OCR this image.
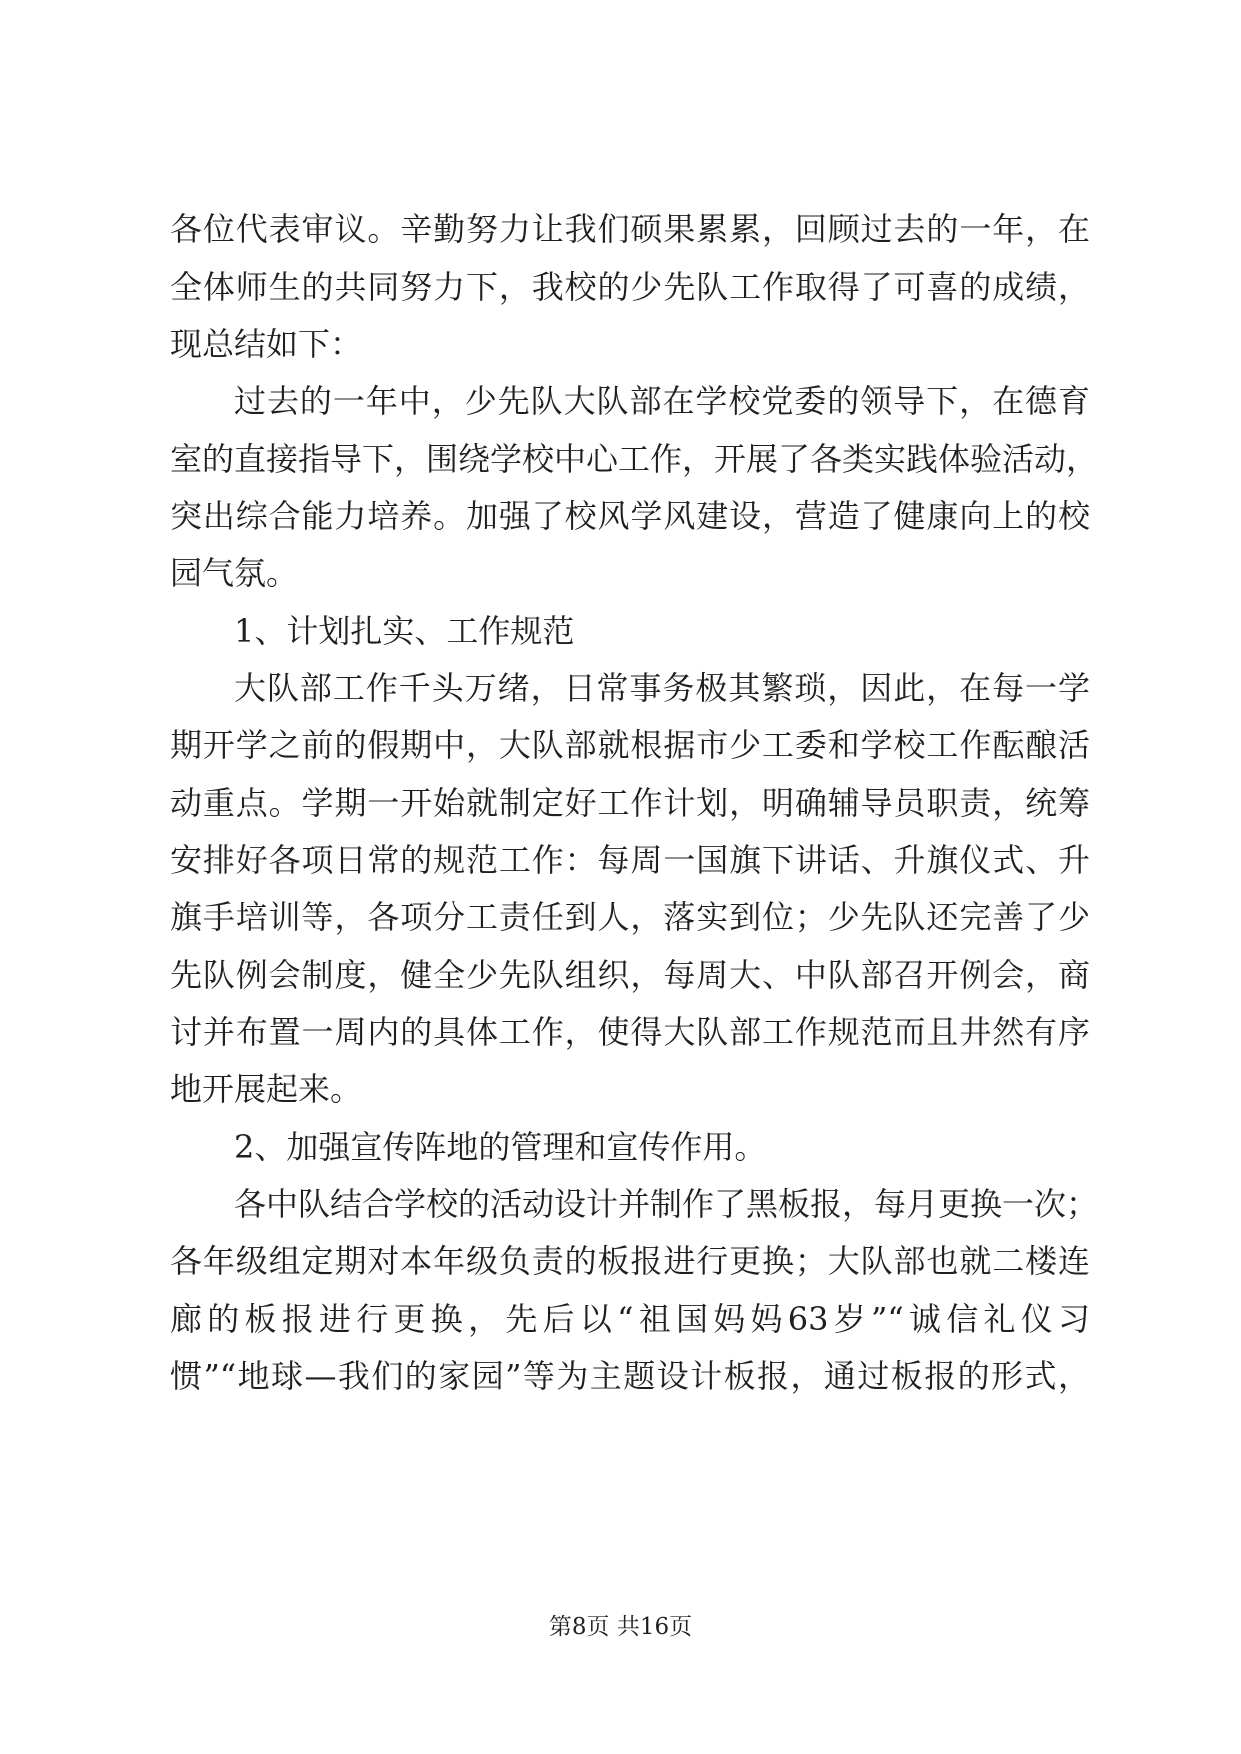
各位代表审议。辛勤努力让我们硕果累累，回顾过去的一年，在
全体师生的共同努力下，我校的少先队工作取得了可喜的成绩，
现总结如下：
过去的一年中，少先队大队部在学校党委的领导下，在德育
室的直接指导下，围绕学校中心工作，开展了各类实践体验活动，
突出综合能力培养。加强了校风学风建设，营造了健康向上的校
园气氛。
1、计划扎实、工作规范
大队部工作千头万绪，日常事务极其繁琐，因此，在每一学
期开学之前的假期中，大队部就根据市少工委和学校工作酝酿活
动重点。学期一开始就制定好工作计划，明确辅导员职责，统筹
安排好各项日常的规范工作：每周一国旗下讲话、升旗仪式、升
旗手培训等，各项分工责任到人，落实到位；少先队还完善了少
先队例会制度，健全少先队组织，每周大、中队部召开例会，商
讨并布置一周内的具体工作，使得大队部工作规范而且井然有序
地开展起来。
2、加强宣传阵地的管理和宣传作用。
各中队结合学校的活动设计并制作了黑板报，每月更换一次；
各年级组定期对本年级负责的板报进行更换；大队部也就二楼连
廊的板报进行更换，先后以“祖国妈妈63岁”“诚信礼仪习
惯”“地球—我们的家园”等为主题设计板报，通过板报的形式，
第8页 共16页
